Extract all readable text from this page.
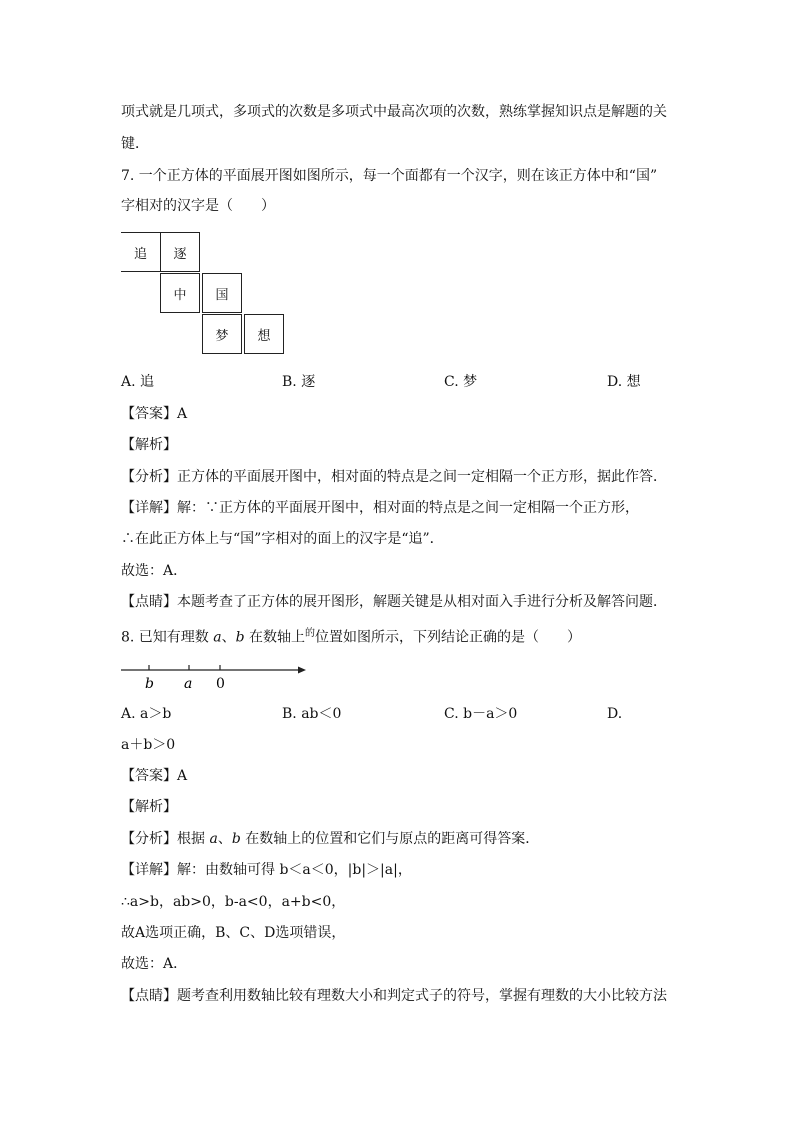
项式就是几项式，多项式的次数是多项式中最高次项的次数，熟练掌握知识点是解题的关
键．
7. 一个正方体的平面展开图如图所示，每一个面都有一个汉字，则在该正方体中和“国”
字相对的汉字是（　　）
追	逐
中	国
梦	想
A. 追	B. 逐	C. 梦	D. 想
【答案】A
【解析】
【分析】正方体的平面展开图中，相对面的特点是之间一定相隔一个正方形，据此作答．
【详解】解：∵正方体的平面展开图中，相对面的特点是之间一定相隔一个正方形，
∴在此正方体上与“国”字相对的面上的汉字是“追”．
故选：A．
【点睛】本题考查了正方体的展开图形，解题关键是从相对面入手进行分析及解答问题．
8. 已知有理数 a、b 在数轴上$^的$位置如图所示，下列结论正确的是（　　）
b a 0
A. a＞b	B. ab＜0	C. b－a＞0	D.
a＋b＞0
【答案】A
【解析】
【分析】根据 a、b 在数轴上的位置和它们与原点的距离可得答案．
【详解】解：由数轴可得 b＜a＜0，|b|＞|a|，
∴a>b，ab>0，b-a<0，a+b<0，
故A选项正确，B、C、D选项错误，
故选：A．
【点睛】题考查利用数轴比较有理数大小和判定式子的符号，掌握有理数的大小比较方法
